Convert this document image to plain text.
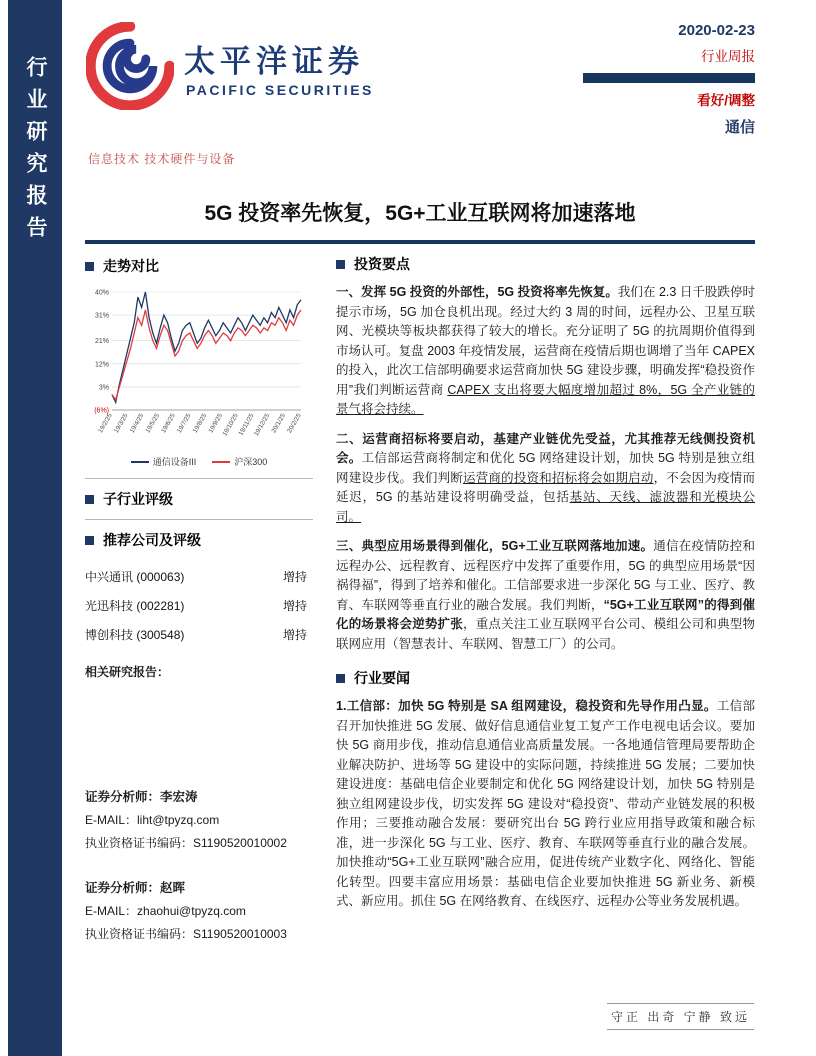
行业研究报告	太平洋证券
PACIFIC SECURITIES
2020-02-23
行业周报
看好/调整
通信
信息技术 技术硬件与设备
5G 投资率先恢复，5G+工业互联网将加速落地
走势对比
(6%)
3%
12%
21%
31%
40%
19/2/25 19/3/25 19/4/25 19/5/25 19/6/25 19/7/25 19/8/25 19/9/25
19/10/25
19/11/25
19/12/25 20/1/25 20/2/25
通信设备III	沪深300
子行业评级
推荐公司及评级
中兴通讯 (000063)	增持
光迅科技 (002281)	增持
博创科技 (300548)	增持
相关研究报告：
证券分析师：李宏涛
E-MAIL：liht@tpyzq.com
执业资格证书编码：S1190520010002
证券分析师：赵晖
E-MAIL：zhaohui@tpyzq.com
执业资格证书编码：S1190520010003
投资要点

一、发挥 5G 投资的外部性，5G 投资将率先恢复。我们在 2.3 日千股跌停时提示市场，5G 加仓良机出现。经过大约 3 周的时间，远程办公、卫星互联网、光模块等板块都获得了较大的增长。充分证明了 5G 的抗周期价值得到市场认可。复盘 2003 年疫情发展，运营商在疫情后期也调增了当年 CAPEX 的投入，此次工信部明确要求运营商加快 5G 建设步骤，明确发挥“稳投资作用”我们判断运营商 CAPEX 支出将要大幅度增加超过 8%，5G 全产业链的景气将会持续。

二、运营商招标将要启动，基建产业链优先受益，尤其推荐无线侧投资机会。工信部运营商将制定和优化 5G 网络建设计划，加快 5G 特别是独立组网建设步伐。我们判断运营商的投资和招标将会如期启动，不会因为疫情而延迟，5G 的基站建设将明确受益，包括基站、天线、滤波器和光模块公司。

三、典型应用场景得到催化，5G+工业互联网落地加速。通信在疫情防控和远程办公、远程教育、远程医疗中发挥了重要作用，5G 的典型应用场景“因祸得福”，得到了培养和催化。工信部要求进一步深化 5G 与工业、医疗、教育、车联网等垂直行业的融合发展。我们判断，“5G+工业互联网”的得到催化的场景将会逆势扩张，重点关注工业互联网平台公司、模组公司和典型物联网应用（智慧表计、车联网、智慧工厂）的公司。

行业要闻

1.工信部：加快 5G 特别是 SA 组网建设，稳投资和先导作用凸显。工信部召开加快推进 5G 发展、做好信息通信业复工复产工作电视电话会议。要加快 5G 商用步伐，推动信息通信业高质量发展。一各地通信管理局要帮助企业解决防护、进场等 5G 建设中的实际问题，持续推进 5G 发展；二要加快建设进度：基础电信企业要制定和优化 5G 网络建设计划，加快 5G 特别是独立组网建设步伐，切实发挥 5G 建设对“稳投资”、带动产业链发展的积极作用；三要推动融合发展：要研究出台 5G 跨行业应用指导政策和融合标准，进一步深化 5G 与工业、医疗、教育、车联网等垂直行业的融合发展。加快推动“5G+工业互联网”融合应用，促进传统产业数字化、网络化、智能化转型。四要丰富应用场景：基础电信企业要加快推进 5G 新业务、新模式、新应用。抓住 5G 在网络教育、在线医疗、远程办公等业务发展机遇。

守正 出奇 宁静 致远
